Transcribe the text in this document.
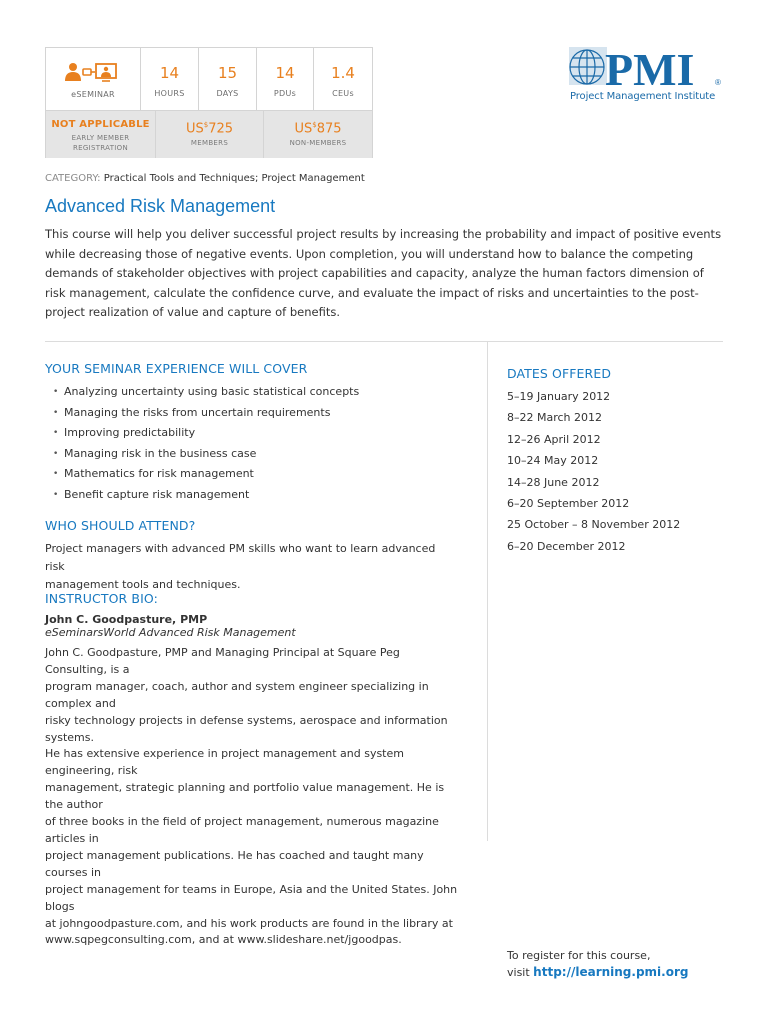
eSEMINAR
14
HOURS
15
DAYS
14
PDUs
1.4
CEUs
NOT APPLICABLE
EARLY MEMBER
REGISTRATION
US$725
MEMBERS
US$875
NON-MEMBERS
PMI	®
Project Management Institute
CATEGORY: Practical Tools and Techniques; Project Management
Advanced Risk Management
This course will help you deliver successful project results by increasing the probability and impact of positive events while decreasing those of negative events. Upon completion, you will understand how to balance the competing demands of stakeholder objectives with project capabilities and capacity, analyze the human factors dimension of risk management, calculate the confidence curve, and evaluate the impact of risks and uncertainties to the post-project realization of value and capture of benefits.
YOUR SEMINAR EXPERIENCE WILL COVER
• Analyzing uncertainty using basic statistical concepts
• Managing the risks from uncertain requirements
• Improving predictability
• Managing risk in the business case
• Mathematics for risk management
• Benefit capture risk management
WHO SHOULD ATTEND?
Project managers with advanced PM skills who want to learn advanced risk
management tools and techniques.
INSTRUCTOR BIO:
John C. Goodpasture, PMP
eSeminarsWorld Advanced Risk Management
John C. Goodpasture, PMP and Managing Principal at Square Peg Consulting, is a
program manager, coach, author and system engineer specializing in complex and
risky technology projects in defense systems, aerospace and information systems.
He has extensive experience in project management and system engineering, risk
management, strategic planning and portfolio value management. He is the author
of three books in the field of project management, numerous magazine articles in
project management publications. He has coached and taught many courses in
project management for teams in Europe, Asia and the United States. John blogs
at johngoodpasture.com, and his work products are found in the library at
www.sqpegconsulting.com, and at www.slideshare.net/jgoodpas.
DATES OFFERED
5–19 January 2012
8–22 March 2012
12–26 April 2012
10–24 May 2012
14–28 June 2012
6–20 September 2012
25 October – 8 November 2012
6–20 December 2012
To register for this course,
visit http://learning.pmi.org
